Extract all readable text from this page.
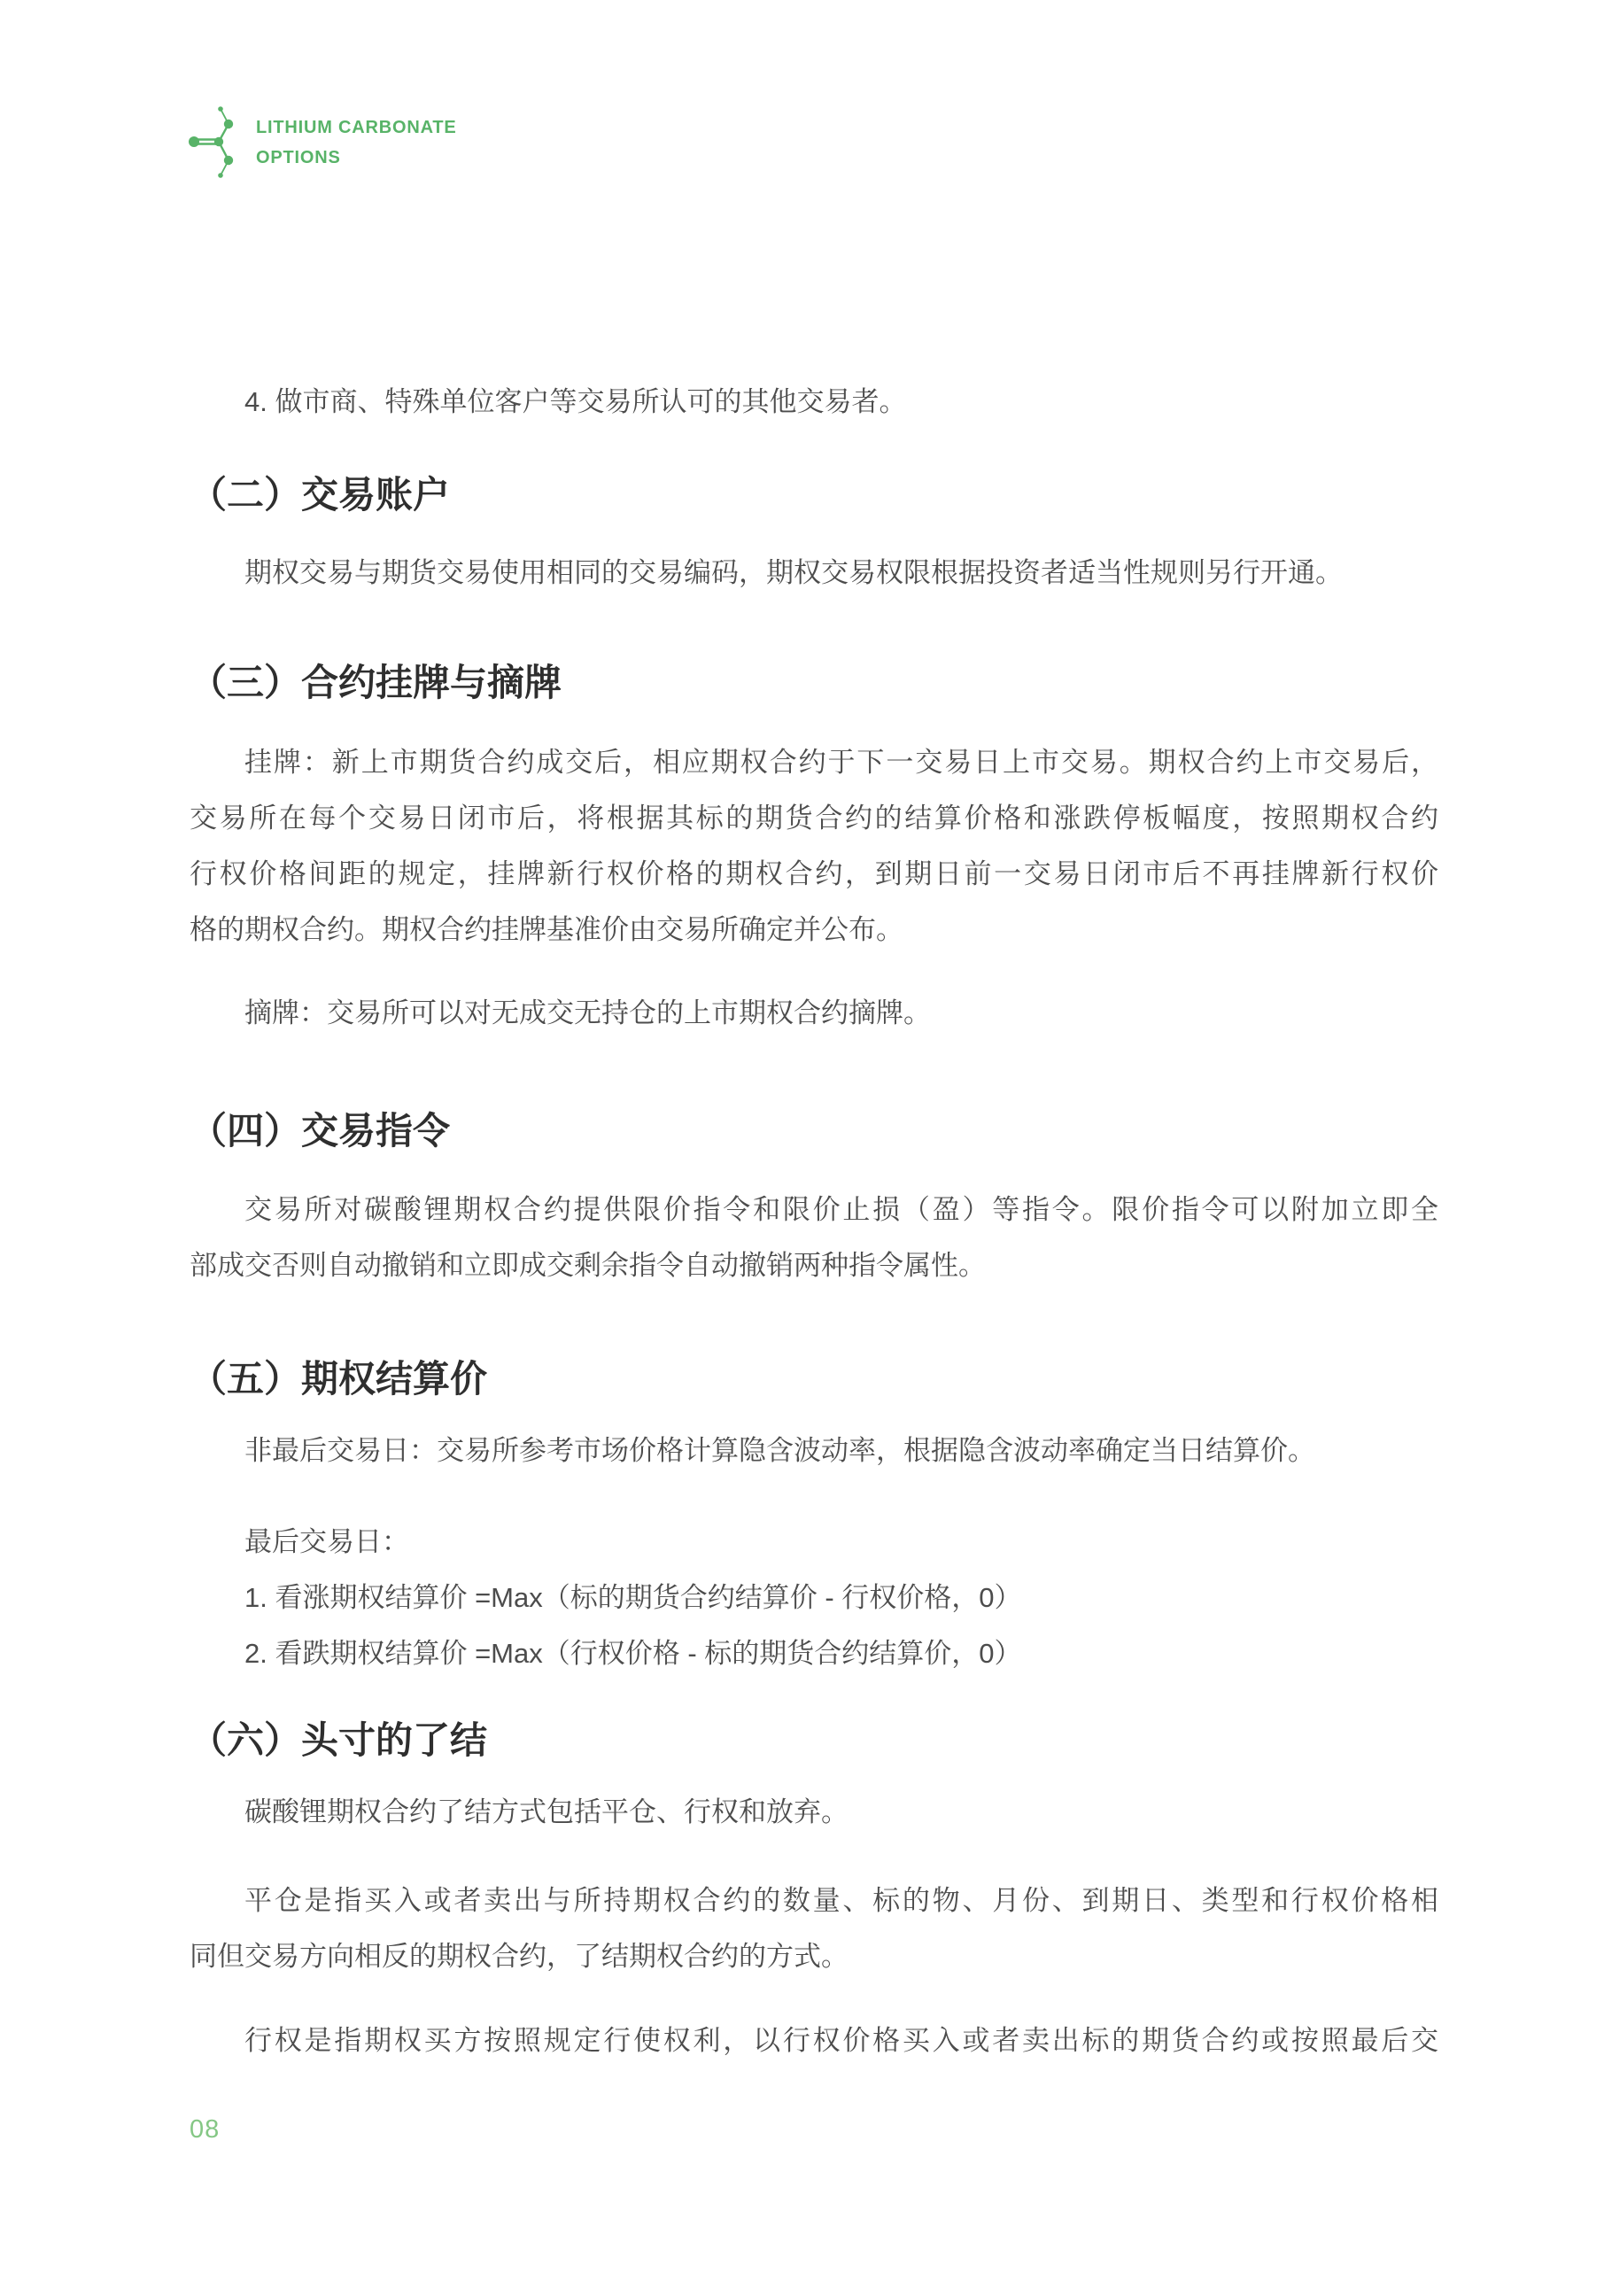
LITHIUM CARBONATE
OPTIONS
4. 做市商、特殊单位客户等交易所认可的其他交易者。
（二）交易账户
期权交易与期货交易使用相同的交易编码，期权交易权限根据投资者适当性规则另行开通。
（三）合约挂牌与摘牌
挂牌：新上市期货合约成交后，相应期权合约于下一交易日上市交易。期权合约上市交易后，
交易所在每个交易日闭市后，将根据其标的期货合约的结算价格和涨跌停板幅度，按照期权合约
行权价格间距的规定，挂牌新行权价格的期权合约，到期日前一交易日闭市后不再挂牌新行权价
格的期权合约。期权合约挂牌基准价由交易所确定并公布。
摘牌：交易所可以对无成交无持仓的上市期权合约摘牌。
（四）交易指令
交易所对碳酸锂期权合约提供限价指令和限价止损（盈）等指令。限价指令可以附加立即全
部成交否则自动撤销和立即成交剩余指令自动撤销两种指令属性。
（五）期权结算价
非最后交易日：交易所参考市场价格计算隐含波动率，根据隐含波动率确定当日结算价。
最后交易日：
1. 看涨期权结算价 =Max（标的期货合约结算价 - 行权价格，0）
2. 看跌期权结算价 =Max（行权价格 - 标的期货合约结算价，0）
（六）头寸的了结
碳酸锂期权合约了结方式包括平仓、行权和放弃。
平仓是指买入或者卖出与所持期权合约的数量、标的物、月份、到期日、类型和行权价格相
同但交易方向相反的期权合约，了结期权合约的方式。
行权是指期权买方按照规定行使权利，以行权价格买入或者卖出标的期货合约或按照最后交
08
